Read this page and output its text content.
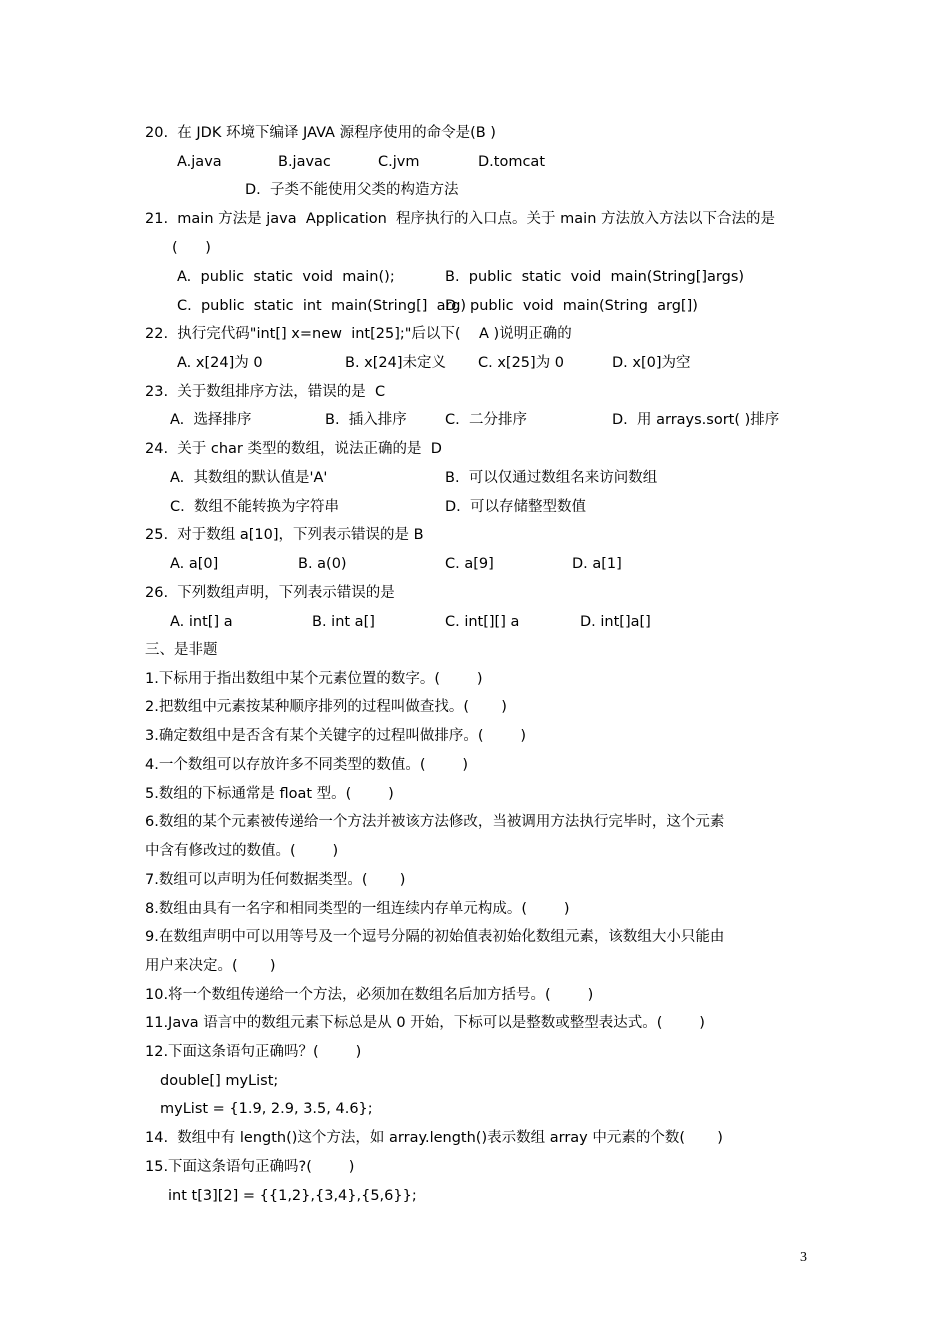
20.  在 JDK 环境下编译 JAVA 源程序使用的命令是(B )
A.java	B.javac	C.jvm	D.tomcat
D.  子类不能使用父类的构造方法
21.  main 方法是 java  Application  程序执行的入口点。关于 main 方法放入方法以下合法的是
(      )
A.  public  static  void  main();	B.  public  static  void  main(String[]args)
C.  public  static  int  main(String[]  arg)
D.  public  void  main(String  arg[])
22.  执行完代码"int[] x=new  int[25];"后以下(    A )说明正确的
A. x[24]为 0	B. x[24]未定义 C. x[25]为 0	D. x[0]为空
23.  关于数组排序方法，错误的是  C
A.  选择排序	B.  插入排序	C.  二分排序	D.  用 arrays.sort( )排序
24.  关于 char 类型的数组，说法正确的是  D
A.  其数组的默认值是'A'	B.  可以仅通过数组名来访问数组
C.  数组不能转换为字符串	D.  可以存储整型数值
25.  对于数组 a[10]，下列表示错误的是 B
A. a[0]	B. a(0)	C. a[9]	D. a[1]
26.  下列数组声明，下列表示错误的是
A. int[] a	B. int a[]	C. int[][] a	D. int[]a[]
三、是非题
1.下标用于指出数组中某个元素位置的数字。(        )
2.把数组中元素按某种顺序排列的过程叫做查找。(       )
3.确定数组中是否含有某个关键字的过程叫做排序。(        )
4.一个数组可以存放许多不同类型的数值。(        )
5.数组的下标通常是 float 型。(        )
6.数组的某个元素被传递给一个方法并被该方法修改，当被调用方法执行完毕时，这个元素
中含有修改过的数值。(        )
7.数组可以声明为任何数据类型。(       )
8.数组由具有一名字和相同类型的一组连续内存单元构成。(        )
9.在数组声明中可以用等号及一个逗号分隔的初始值表初始化数组元素，该数组大小只能由
用户来决定。(       )
10.将一个数组传递给一个方法，必须加在数组名后加方括号。(        )
11.Java 语言中的数组元素下标总是从 0 开始，下标可以是整数或整型表达式。(        )
12.下面这条语句正确吗？(        )
double[] myList;
myList = {1.9, 2.9, 3.5, 4.6};
14.  数组中有 length()这个方法，如 array.length()表示数组 array 中元素的个数(       )
15.下面这条语句正确吗?(        )
int t[3][2] = {{1,2},{3,4},{5,6}};
3
